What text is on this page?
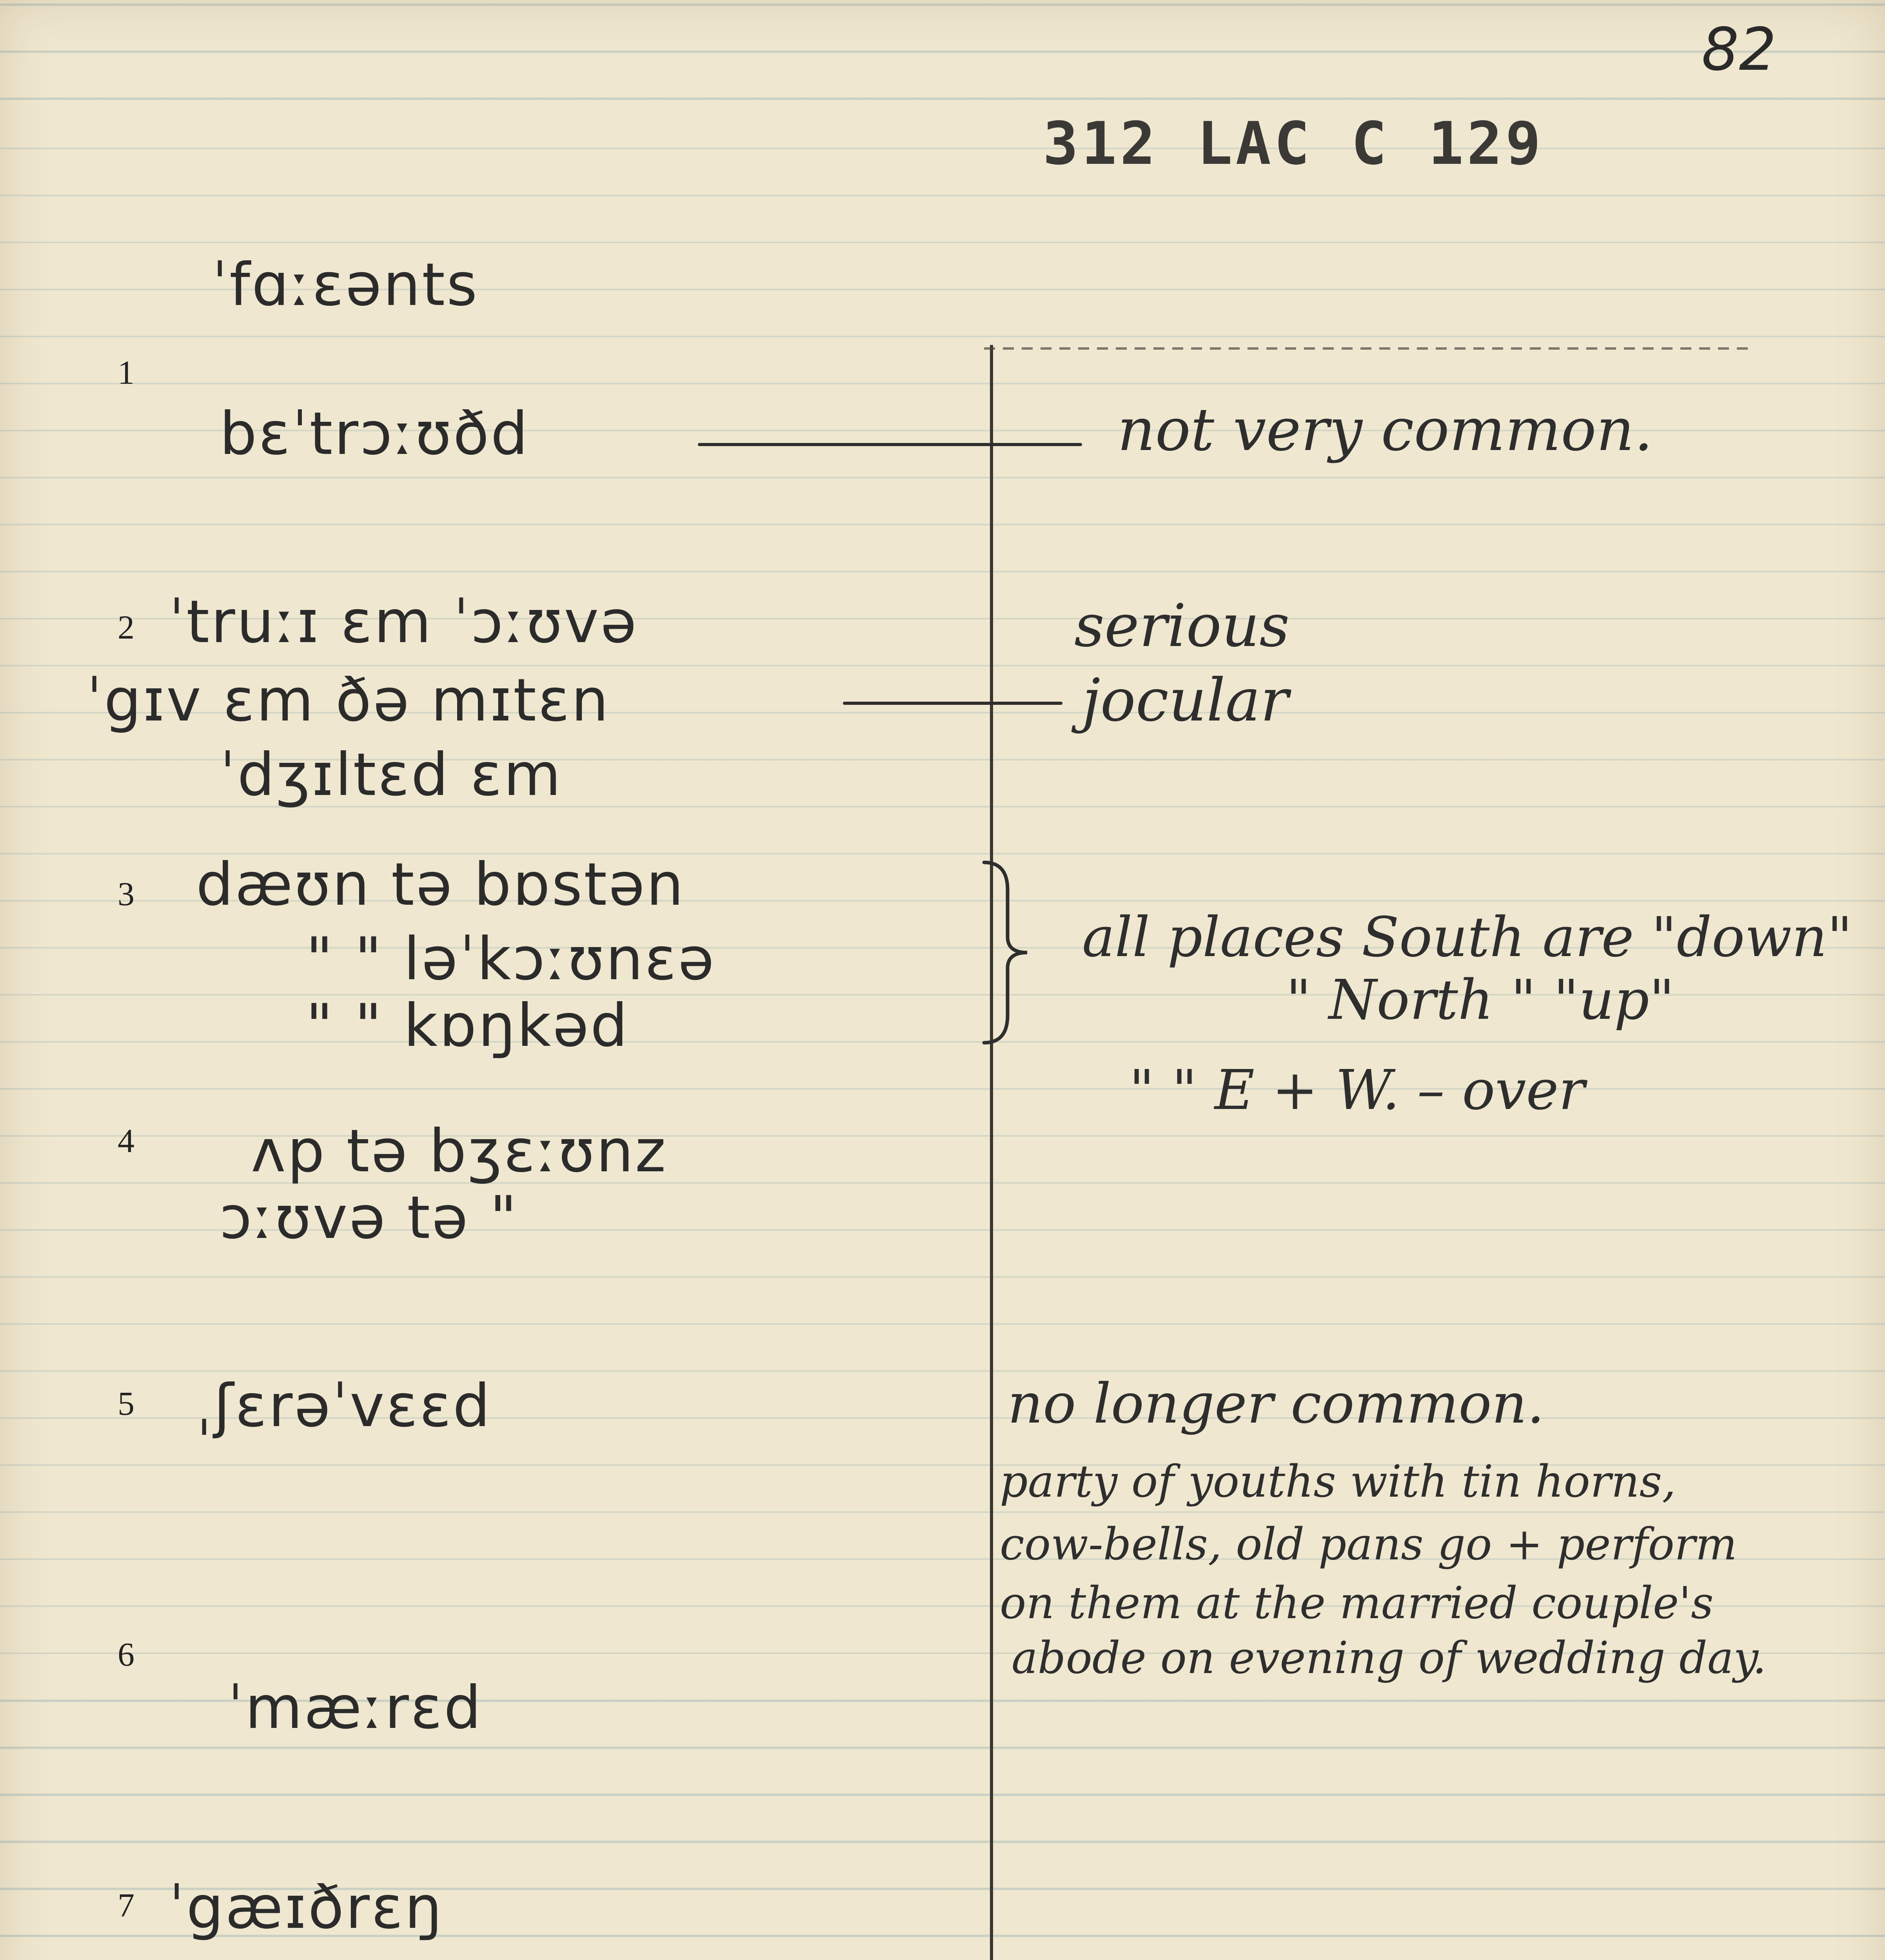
82
312 LAC C 129
ˈfɑːɛənts
1
bɛˈtrɔːʊðd	not very common.
2 ˈtruːɪ ɛm ˈɔːʊvə
ˈgɪv ɛm ðə mɪtɛn
ˈdʒɪltɛd ɛm
serious
jocular
3 dæʊn tə bɒstən
" " ləˈkɔːʊnɛə
" " kɒŋkəd
all places South are "down"
" North " "up"
" " E + W. – over
4 ʌp tə bʒɛːʊnz
ɔːʊvə tə "
5 ˌʃɛrəˈvɛɛd	no longer common.
party of youths with tin horns,
cow-bells, old pans go + perform
on them at the married couple's
abode on evening of wedding day.
6
ˈmæːrɛd
7 ˈgæɪðrɛŋ
